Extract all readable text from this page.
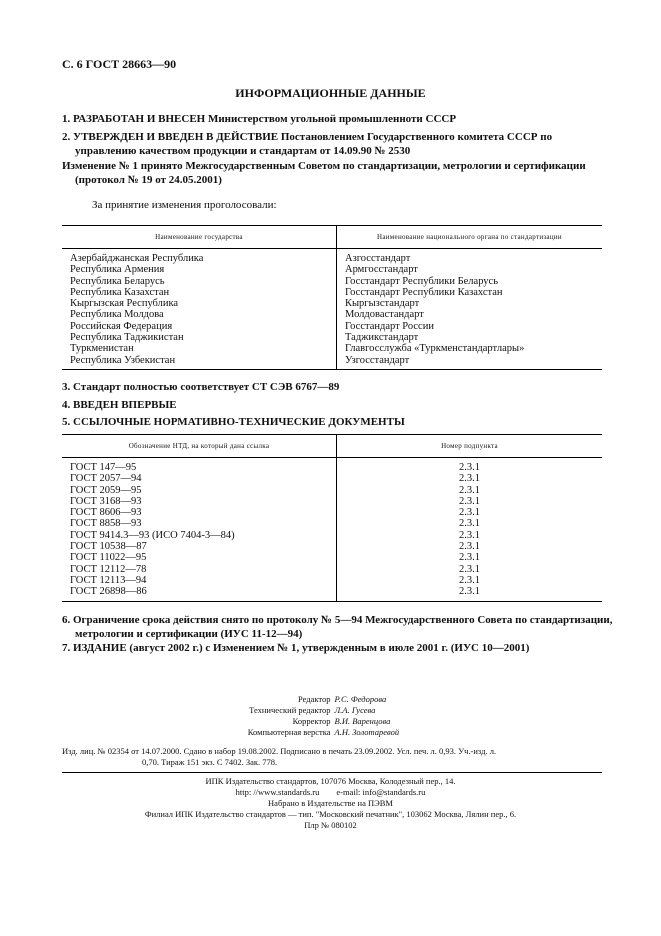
С. 6 ГОСТ 28663—90
ИНФОРМАЦИОННЫЕ ДАННЫЕ
1. РАЗРАБОТАН И ВНЕСЕН Министерством угольной промышленноти СССР
2. УТВЕРЖДЕН И ВВЕДЕН В ДЕЙСТВИЕ Постановлением Государственного комитета СССР по управлению качеством продукции и стандартам от 14.09.90 № 2530
Изменение № 1 принято Межгосударственным Советом по стандартизации, метрологии и сертификации (протокол № 19 от 24.05.2001)
За принятие изменения проголосовали:
Наименование государства	Наименование национального органа по стандартизации
Азербайджанская Республика	Азгосстандарт
Республика Армения	Армгосстандарт
Республика Беларусь	Госстандарт Республики Беларусь
Республика Казахстан	Госстандарт Республики Казахстан
Кыргызская Республика	Кыргызстандарт
Республика Молдова	Молдовастандарт
Российская Федерация	Госстандарт России
Республика Таджикистан	Таджикстандарт
Туркменистан	Главгосслужба «Туркменстандартлары»
Республика Узбекистан	Узгосстандарт
3. Стандарт полностью соответствует СТ СЭВ 6767—89
4. ВВЕДЕН ВПЕРВЫЕ
5. ССЫЛОЧНЫЕ НОРМАТИВНО-ТЕХНИЧЕСКИЕ ДОКУМЕНТЫ
Обозначение НТД, на который дана ссылка	Номер подпункта
ГОСТ 147—95	2.3.1
ГОСТ 2057—94	2.3.1
ГОСТ 2059—95	2.3.1
ГОСТ 3168—93	2.3.1
ГОСТ 8606—93	2.3.1
ГОСТ 8858—93	2.3.1
ГОСТ 9414.3—93 (ИСО 7404-3—84)	2.3.1
ГОСТ 10538—87	2.3.1
ГОСТ 11022—95	2.3.1
ГОСТ 12112—78	2.3.1
ГОСТ 12113—94	2.3.1
ГОСТ 26898—86	2.3.1
6. Ограничение срока действия снято по протоколу № 5—94 Межгосударственного Совета по стандартизации, метрологии и сертификации (ИУС 11-12—94)
7. ИЗДАНИЕ (август 2002 г.) с Изменением № 1, утвержденным в июле 2001 г. (ИУС 10—2001)
Редактор Р.С. Федорова
Технический редактор Л.А. Гусева
Корректор В.И. Варенцова
Компьютерная верстка А.Н. Золотаревой
Изд. лиц. № 02354 от 14.07.2000. Сдано в набор 19.08.2002. Подписано в печать 23.09.2002. Усл. печ. л. 0,93. Уч.-изд. л.
0,70. Тираж 151 экз. С 7402. Зак. 778.
ИПК Издательство стандартов, 107076 Москва, Колодезный пер., 14.
http: //www.standards.ru        e-mail: info@standards.ru
Набрано в Издательстве на ПЭВМ
Филиал ИПК Издательство стандартов — тип. "Московский печатник", 103062 Москва, Лялин пер., 6.
Плр № 080102
